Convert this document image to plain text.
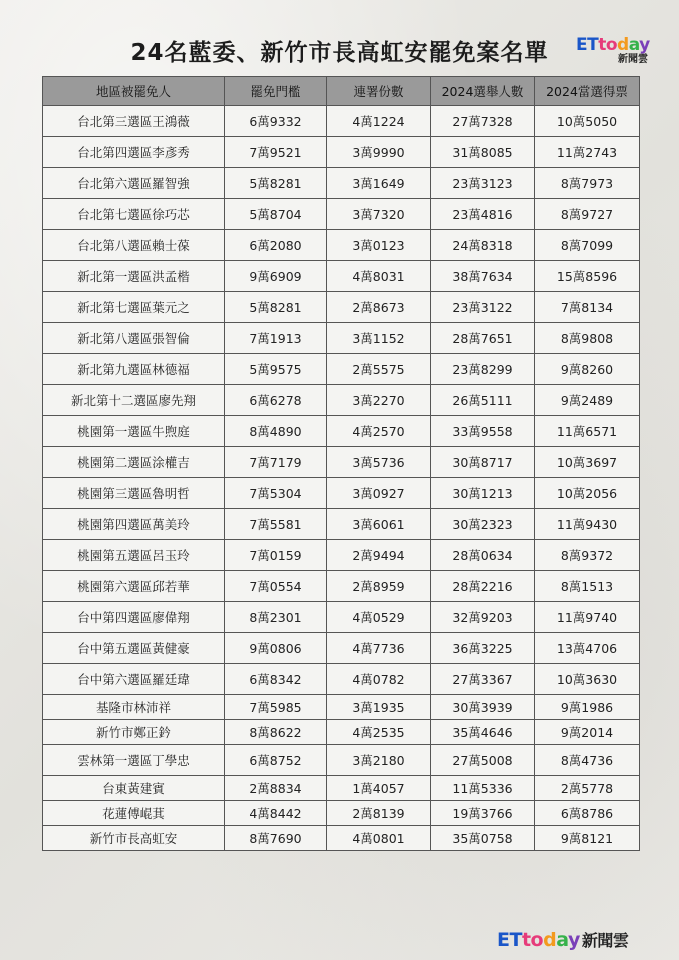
24名藍委、新竹市長高虹安罷免案名單	ETtoday
新聞雲
地區被罷免人	罷免門檻	連署份數	2024選舉人數	2024當選得票
台北第三選區王鴻薇	6萬9332	4萬1224	27萬7328	10萬5050
台北第四選區李彥秀	7萬9521	3萬9990	31萬8085	11萬2743
台北第六選區羅智強	5萬8281	3萬1649	23萬3123	8萬7973
台北第七選區徐巧芯	5萬8704	3萬7320	23萬4816	8萬9727
台北第八選區賴士葆	6萬2080	3萬0123	24萬8318	8萬7099
新北第一選區洪孟楷	9萬6909	4萬8031	38萬7634	15萬8596
新北第七選區葉元之	5萬8281	2萬8673	23萬3122	7萬8134
新北第八選區張智倫	7萬1913	3萬1152	28萬7651	8萬9808
新北第九選區林德福	5萬9575	2萬5575	23萬8299	9萬8260
新北第十二選區廖先翔	6萬6278	3萬2270	26萬5111	9萬2489
桃園第一選區牛煦庭	8萬4890	4萬2570	33萬9558	11萬6571
桃園第二選區涂權吉	7萬7179	3萬5736	30萬8717	10萬3697
桃園第三選區魯明哲	7萬5304	3萬0927	30萬1213	10萬2056
桃園第四選區萬美玲	7萬5581	3萬6061	30萬2323	11萬9430
桃園第五選區呂玉玲	7萬0159	2萬9494	28萬0634	8萬9372
桃園第六選區邱若華	7萬0554	2萬8959	28萬2216	8萬1513
台中第四選區廖偉翔	8萬2301	4萬0529	32萬9203	11萬9740
台中第五選區黃健豪	9萬0806	4萬7736	36萬3225	13萬4706
台中第六選區羅廷瑋	6萬8342	4萬0782	27萬3367	10萬3630
基隆市林沛祥	7萬5985	3萬1935	30萬3939	9萬1986
新竹市鄭正鈐	8萬8622	4萬2535	35萬4646	9萬2014
雲林第一選區丁學忠	6萬8752	3萬2180	27萬5008	8萬4736
台東黃建賓	2萬8834	1萬4057	11萬5336	2萬5778
花蓮傅崐萁	4萬8442	2萬8139	19萬3766	6萬8786
新竹市長高虹安	8萬7690	4萬0801	35萬0758	9萬8121
ETtoday 新聞雲
